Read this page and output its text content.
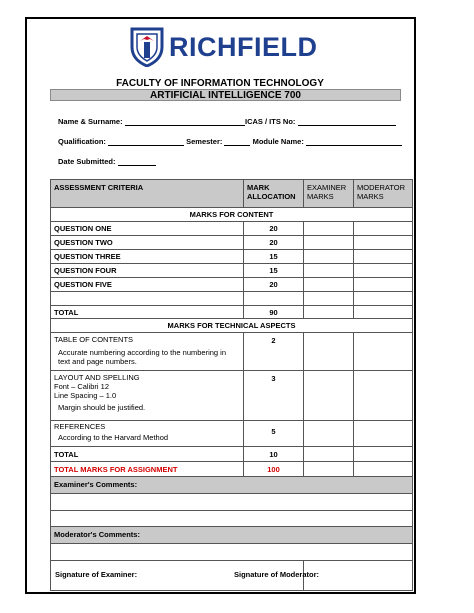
RICHFIELD
FACULTY OF INFORMATION TECHNOLOGY
ARTIFICIAL INTELLIGENCE 700
Name & Surname:	ICAS / ITS No:
Qualification:	Semester:	Module Name:
Date Submitted:
ASSESSMENT CRITERIA	MARK ALLOCATION	EXAMINER MARKS	MODERATOR MARKS
MARKS FOR CONTENT			
QUESTION ONE	20		
QUESTION TWO	20		
QUESTION THREE	15		
QUESTION FOUR	15		
QUESTION FIVE	20		

TOTAL	90		
MARKS FOR TECHNICAL ASPECTS			

TABLE OF CONTENTS
Accurate numbering according to the numbering in text and page numbers.	2		

LAYOUT AND SPELLING
Font – Calibri 12
Line Spacing – 1.0
Margin should be justified.	3		

REFERENCES
According to the Harvard Method	5		
TOTAL	10		
TOTAL MARKS FOR ASSIGNMENT	100		
Examiner's Comments:			

Moderator's Comments:			

Signature of Examiner:		Signature of Moderator:	
